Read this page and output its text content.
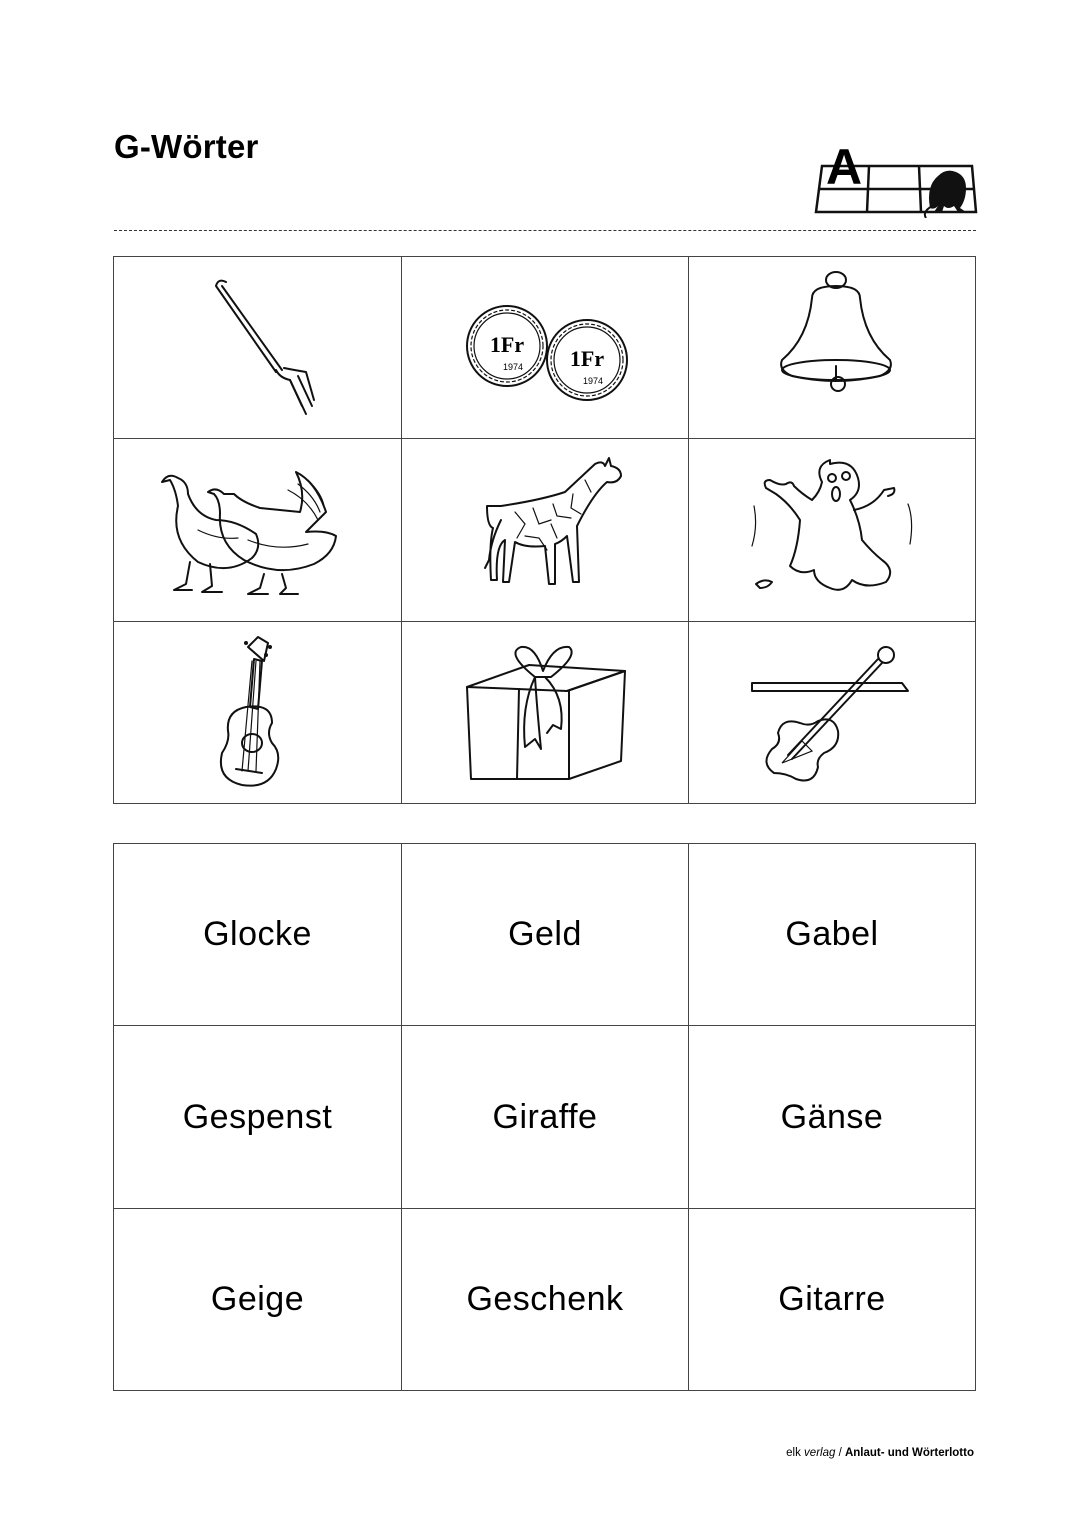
G-Wörter	A
1Fr
1974 1Fr
1974
Glocke	Geld	Gabel
Gespenst	Giraffe	Gänse
Geige	Geschenk	Gitarre
elk verlag / Anlaut- und Wörterlotto
